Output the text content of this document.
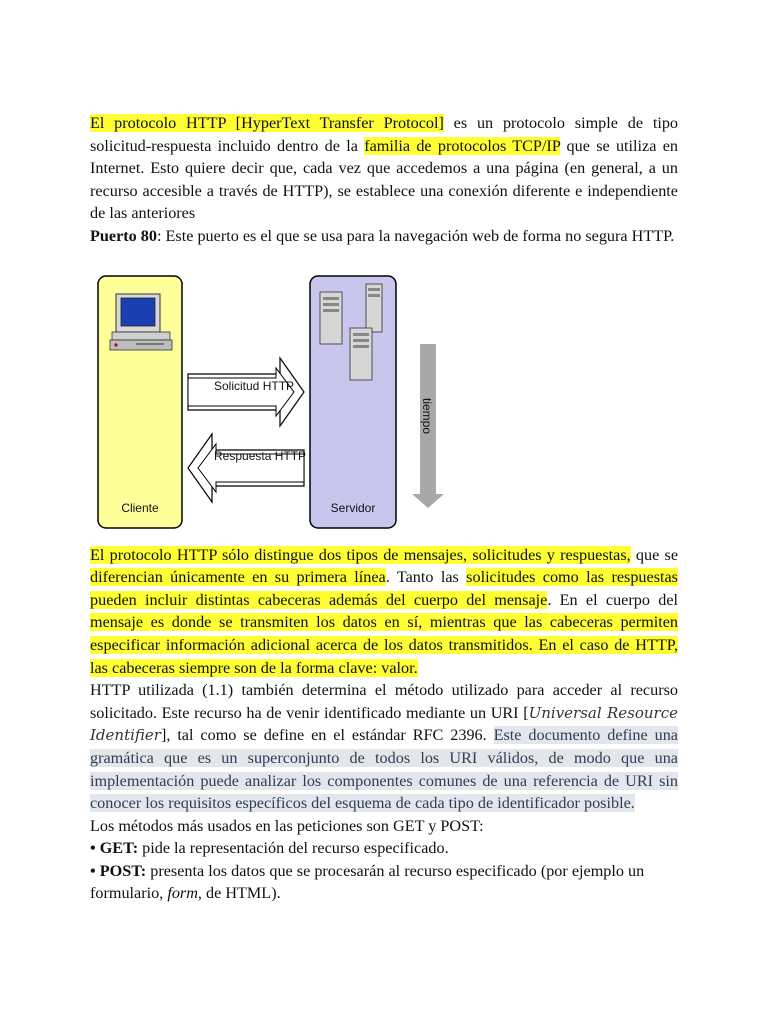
El protocolo HTTP [HyperText Transfer Protocol] es un protocolo simple de tipo solicitud-respuesta incluido dentro de la familia de protocolos TCP/IP que se utiliza en Internet. Esto quiere decir que, cada vez que accedemos a una página (en general, a un recurso accesible a través de HTTP), se establece una conexión diferente e independiente de las anteriores

Puerto 80: Este puerto es el que se usa para la navegación web de forma no segura HTTP.

Solicitud HTTP
Respuesta HTTP
Cliente	Servidor
tiempo

El protocolo HTTP sólo distingue dos tipos de mensajes, solicitudes y respuestas, que se diferencian únicamente en su primera línea. Tanto las solicitudes como las respuestas pueden incluir distintas cabeceras además del cuerpo del mensaje. En el cuerpo del mensaje es donde se transmiten los datos en sí, mientras que las cabeceras permiten especificar información adicional acerca de los datos transmitidos. En el caso de HTTP, las cabeceras siempre son de la forma clave: valor.

HTTP utilizada (1.1) también determina el método utilizado para acceder al recurso solicitado. Este recurso ha de venir identificado mediante un URI [Universal Resource Identifier], tal como se define en el estándar RFC 2396. Este documento define una gramática que es un superconjunto de todos los URI válidos, de modo que una implementación puede analizar los componentes comunes de una referencia de URI sin conocer los requisitos específicos del esquema de cada tipo de identificador posible.

Los métodos más usados en las peticiones son GET y POST:

• GET: pide la representación del recurso especificado.

• POST: presenta los datos que se procesarán al recurso especificado (por ejemplo un formulario, form, de HTML).
